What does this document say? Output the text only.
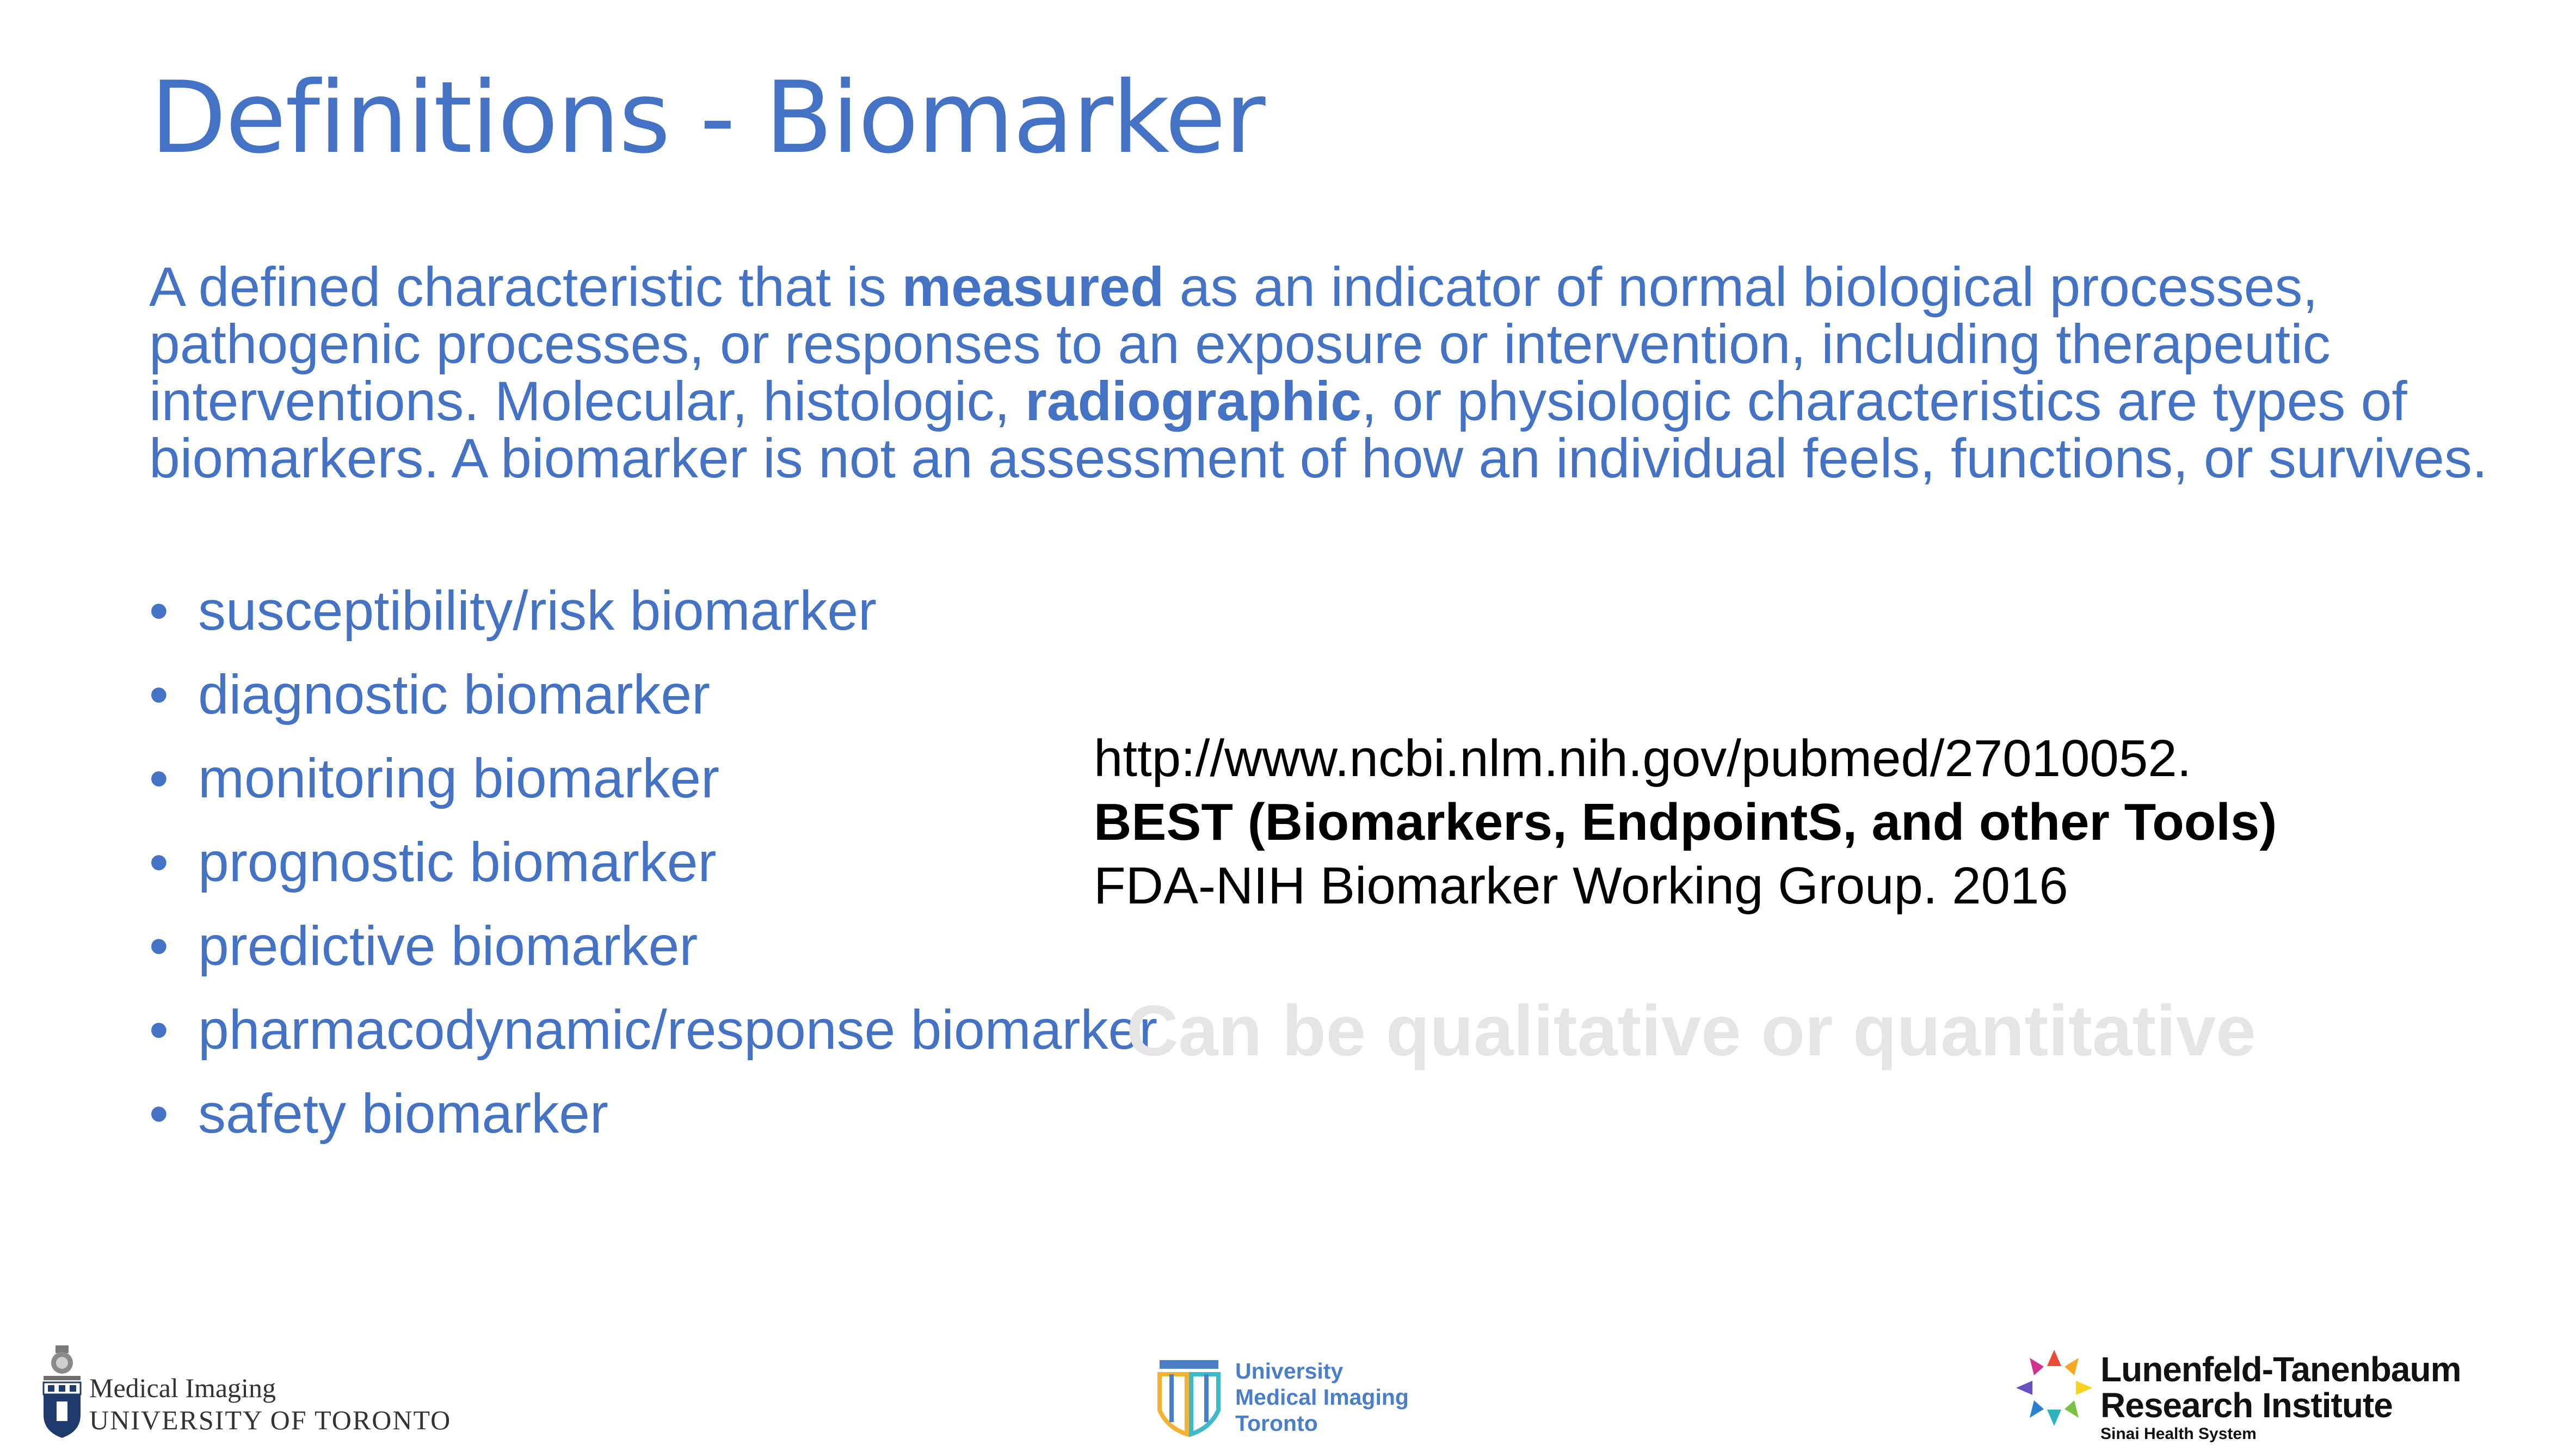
Definitions - Biomarker
A defined characteristic that is measured as an indicator of normal biological processes, pathogenic processes, or responses to an exposure or intervention, including therapeutic interventions. Molecular, histologic, radiographic, or physiologic characteristics are types of biomarkers. A biomarker is not an assessment of how an individual feels, functions, or survives.
• susceptibility/risk biomarker
• diagnostic biomarker
• monitoring biomarker
• prognostic biomarker
• predictive biomarker
• pharmacodynamic/response biomarker
• safety biomarker
Can be qualitative or quantitative
http://www.ncbi.nlm.nih.gov/pubmed/27010052.
BEST (Biomarkers, EndpointS, and other Tools)
FDA-NIH Biomarker Working Group. 2016
Medical Imaging
UNIVERSITY OF TORONTO
University
Medical Imaging
Toronto
Lunenfeld-Tanenbaum
Research Institute
Sinai Health System
